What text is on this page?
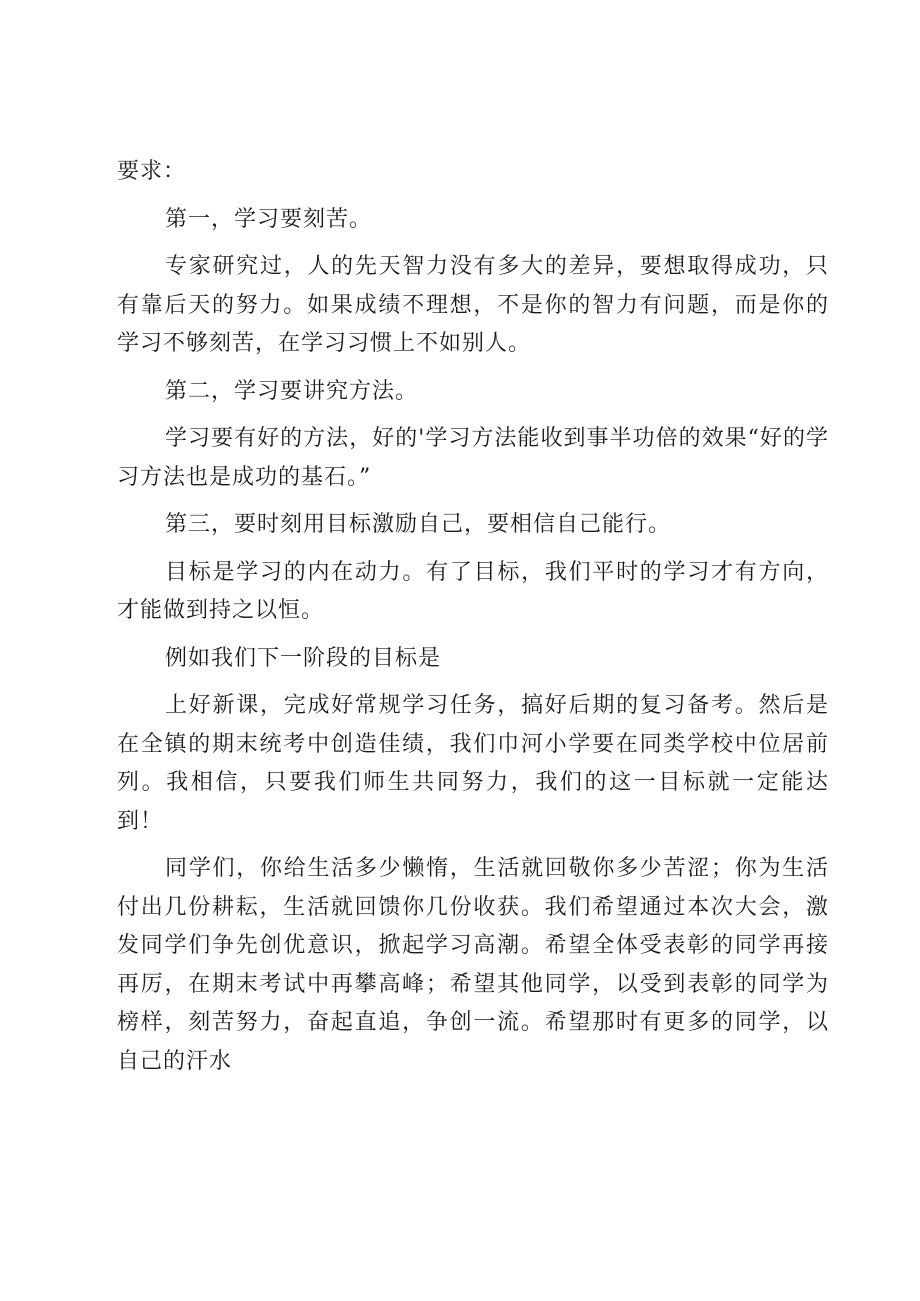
要求：

第一，学习要刻苦。

专家研究过，人的先天智力没有多大的差异，要想取得成功，只有靠后天的努力。如果成绩不理想，不是你的智力有问题，而是你的学习不够刻苦，在学习习惯上不如别人。

第二，学习要讲究方法。

学习要有好的方法，好的'学习方法能收到事半功倍的效果“好的学习方法也是成功的基石。”

第三，要时刻用目标激励自己，要相信自己能行。

目标是学习的内在动力。有了目标，我们平时的学习才有方向，才能做到持之以恒。

例如我们下一阶段的目标是

上好新课，完成好常规学习任务，搞好后期的复习备考。然后是在全镇的期末统考中创造佳绩，我们巾河小学要在同类学校中位居前列。我相信，只要我们师生共同努力，我们的这一目标就一定能达到！

同学们，你给生活多少懒惰，生活就回敬你多少苦涩；你为生活付出几份耕耘，生活就回馈你几份收获。我们希望通过本次大会，激发同学们争先创优意识，掀起学习高潮。希望全体受表彰的同学再接再厉，在期末考试中再攀高峰；希望其他同学，以受到表彰的同学为榜样，刻苦努力，奋起直追，争创一流。希望那时有更多的同学，以自己的汗水
